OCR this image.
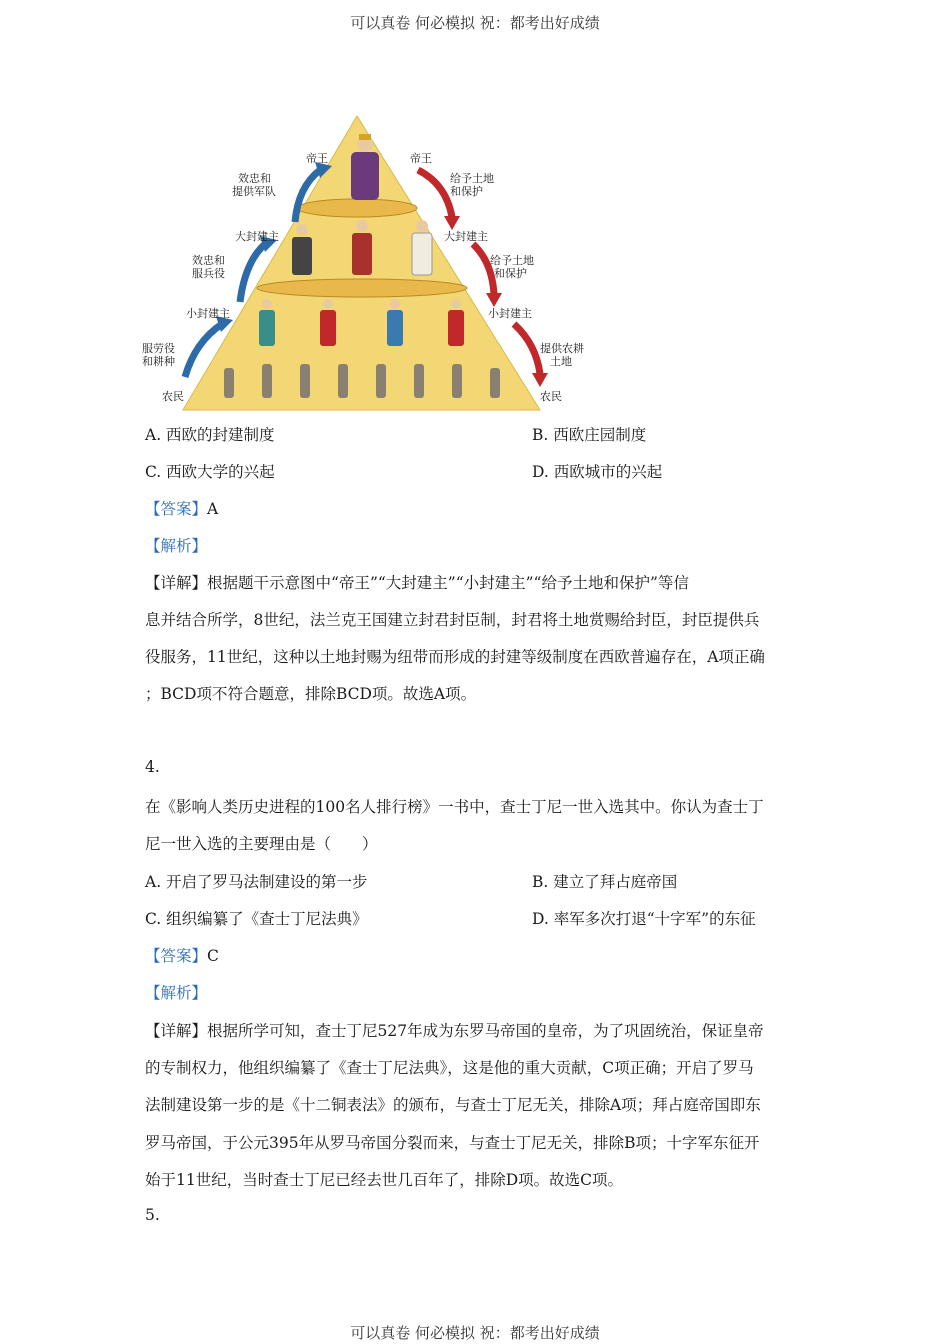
可以真卷 何必模拟 祝：都考出好成绩
帝王	帝王
效忠和
提供军队
给予土地
和保护
大封建主	大封建主
效忠和
服兵役
给予土地
和保护
小封建主	小封建主
服劳役
和耕种
提供农耕
土地
农民	农民
A. 西欧的封建制度	B. 西欧庄园制度
C. 西欧大学的兴起	D. 西欧城市的兴起
【答案】A
【解析】
【详解】根据题干示意图中“帝王”“大封建主”“小封建主”“给予土地和保护”等信
息并结合所学，8世纪，法兰克王国建立封君封臣制，封君将土地赏赐给封臣，封臣提供兵
役服务，11世纪，这种以土地封赐为纽带而形成的封建等级制度在西欧普遍存在，A项正确
；BCD项不符合题意，排除BCD项。故选A项。
4.
在《影响人类历史进程的100名人排行榜》一书中，查士丁尼一世入选其中。你认为查士丁
尼一世入选的主要理由是（　　）
A. 开启了罗马法制建设的第一步	B. 建立了拜占庭帝国
C. 组织编纂了《查士丁尼法典》	D. 率军多次打退“十字军”的东征
【答案】C
【解析】
【详解】根据所学可知，查士丁尼527年成为东罗马帝国的皇帝，为了巩固统治，保证皇帝
的专制权力，他组织编纂了《查士丁尼法典》，这是他的重大贡献，C项正确；开启了罗马
法制建设第一步的是《十二铜表法》的颁布，与查士丁尼无关，排除A项；拜占庭帝国即东
罗马帝国，于公元395年从罗马帝国分裂而来，与查士丁尼无关，排除B项；十字军东征开
始于11世纪，当时查士丁尼已经去世几百年了，排除D项。故选C项。
5.
可以真卷 何必模拟 祝：都考出好成绩
